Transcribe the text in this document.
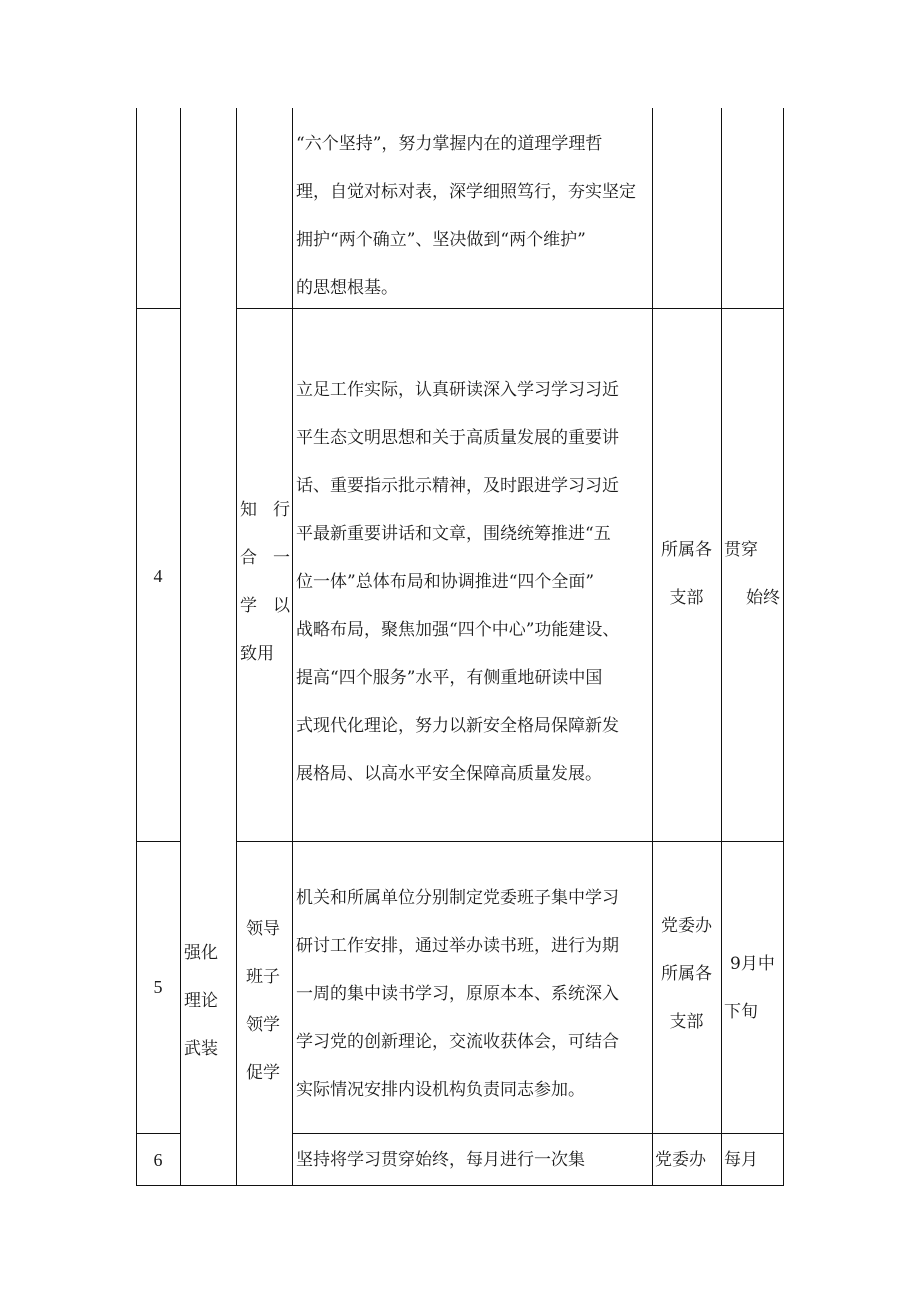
“六个坚持”，努力掌握内在的道理学理哲
理，自觉对标对表，深学细照笃行，夯实坚定
拥护“两个确立”、坚决做到“两个维护”
的思想根基。
4
知 行
合 一
学 以
致用
立足工作实际，认真研读深入学习学习习近
平生态文明思想和关于高质量发展的重要讲
话、重要指示批示精神，及时跟进学习习近
平最新重要讲话和文章，围绕统筹推进“五
位一体”总体布局和协调推进“四个全面”
战略布局，聚焦加强“四个中心”功能建设、
提高“四个服务”水平，有侧重地研读中国
式现代化理论，努力以新安全格局保障新发
展格局、以高水平安全保障高质量发展。
所属各
支部
贯穿
始终
5
强化
理论
武装
领导
班子
领学
促学
机关和所属单位分别制定党委班子集中学习
研讨工作安排，通过举办读书班，进行为期
一周的集中读书学习，原原本本、系统深入
学习党的创新理论，交流收获体会，可结合
实际情况安排内设机构负责同志参加。
党委办
所属各
支部
9月中
下旬
6	坚持将学习贯穿始终，每月进行一次集	党委办 每月
